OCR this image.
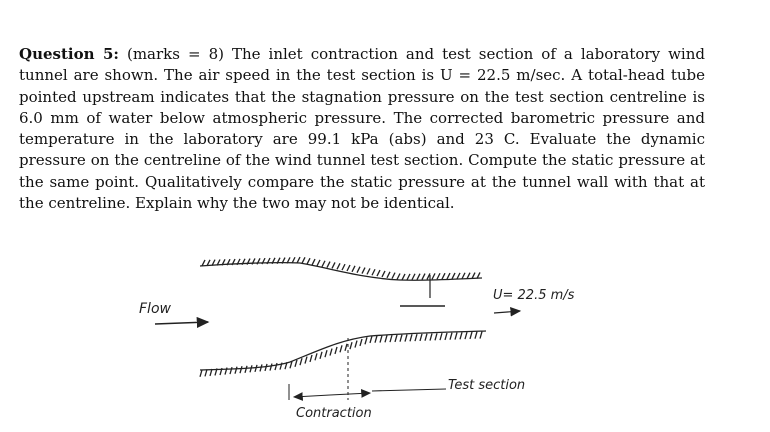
Question 5: (marks = 8) The inlet contraction and test section of a laboratory wind tunnel are shown. The air speed in the test section is U = 22.5 m/sec. A total-head tube pointed upstream indicates that the stagnation pressure on the test section centreline is 6.0 mm of water below atmospheric pressure. The corrected barometric pressure and temperature in the laboratory are 99.1 kPa (abs) and 23 C. Evaluate the dynamic pressure on the centreline of the wind tunnel test section. Compute the static pressure at the same point. Qualitatively compare the static pressure at the tunnel wall with that at the centreline. Explain why the two may not be identical.

Flow
U= 22.5 m/s
Contraction
Test section
